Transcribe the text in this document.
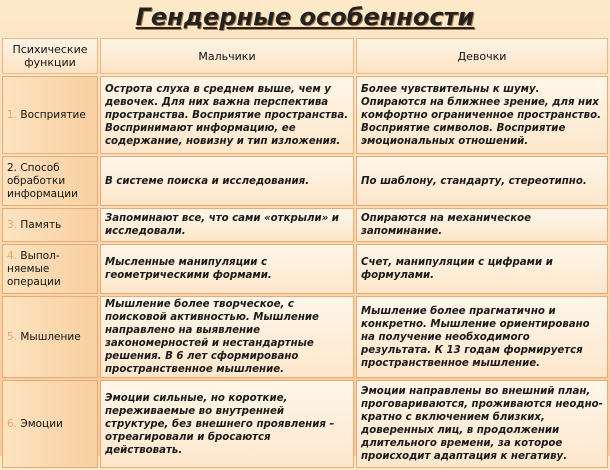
Гендерные особенности
Психические функции	Мальчики	Девочки
1. Восприятие	Острота слуха в среднем выше, чем у девочек. Для них важна перспектива пространства. Восприятие пространства. Воспринимают информацию, ее содержание, новизну и тип изложения.	Более чувствительны к шуму. Опираются на ближнее зрение, для них комфортно ограниченное пространство. Восприятие символов. Восприятие эмоциональных отношений.
2. Способ обработки информации	В системе поиска и исследования.	По шаблону, стандарту, стереотипно.
3. Память	Запоминают все, что сами «открыли» и исследовали.	Опираются на механическое запоминание.
4. Выпол-няемые операции	Мысленные манипуляции с геометрическими формами.	Счет, манипуляции с цифрами и формулами.
5. Мышление	Мышление более творческое, с поисковой активностью. Мышление направлено на выявление закономерностей и нестандартные решения. В 6 лет сформировано пространственное мышление.	Мышление более прагматично и конкретно. Мышление ориентировано на получение необходимого результата. К 13 годам формируется пространственное мышление.
6. Эмоции	Эмоции сильные, но короткие, переживаемые во внутренней структуре, без внешнего проявления – отреагировали и бросаются действовать.	Эмоции направлены во внешний план, проговариваются, проживаются неодно-кратно с включением близких, доверенных лиц, в продолжении длительного времени, за которое происходит адаптация к негативу.
